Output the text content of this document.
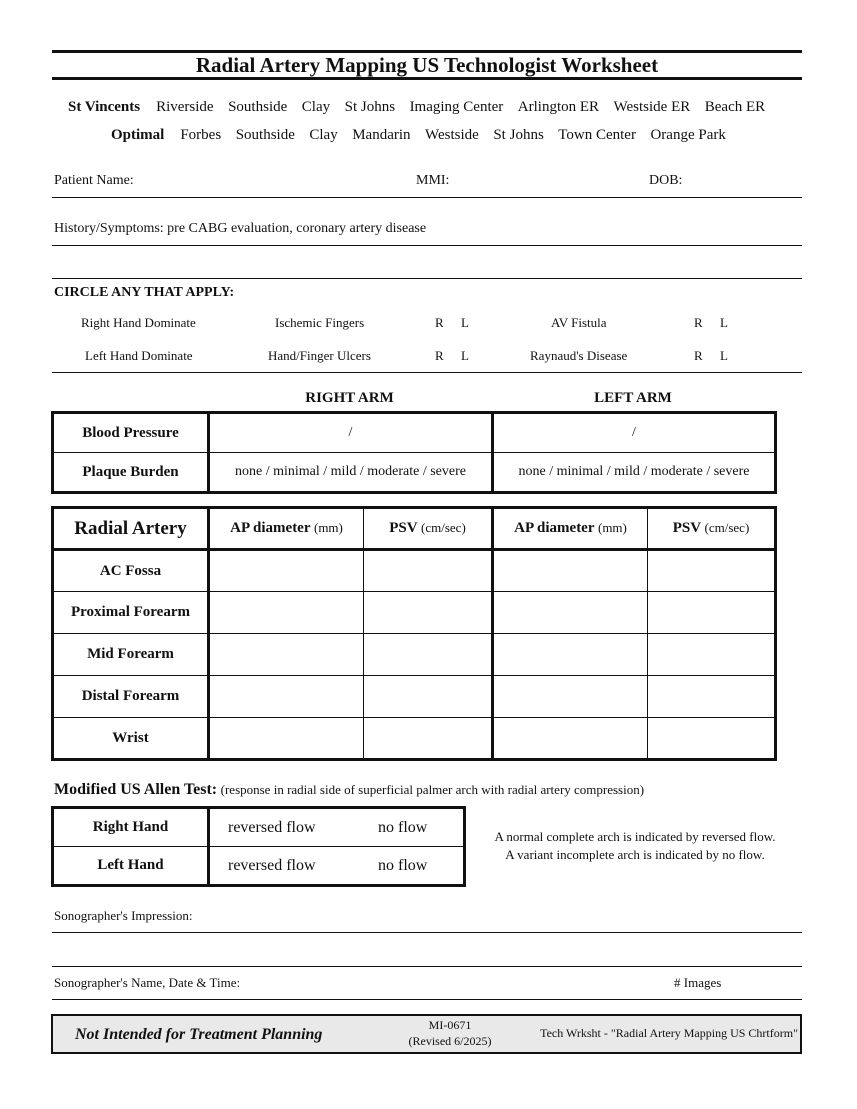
Radial Artery Mapping US Technologist Worksheet
St Vincents Riverside Southside Clay St Johns Imaging Center Arlington ER Westside ER Beach ER
Optimal Forbes Southside Clay Mandarin Westside St Johns Town Center Orange Park
Patient Name:	MMI:	DOB:
History/Symptoms: pre CABG evaluation, coronary artery disease
CIRCLE ANY THAT APPLY:
Right Hand Dominate	Ischemic Fingers	R L	AV Fistula	R L
Left Hand Dominate	Hand/Finger Ulcers	R L	Raynaud's Disease	R L
RIGHT ARM	LEFT ARM
Blood Pressure	/	/
Plaque Burden	none / minimal / mild / moderate / severe	none / minimal / mild / moderate / severe
Radial Artery	AP diameter (mm)	PSV (cm/sec)	AP diameter (mm)	PSV (cm/sec)
AC Fossa				
Proximal Forearm				
Mid Forearm				
Distal Forearm				
Wrist				
Modified US Allen Test: (response in radial side of superficial palmer arch with radial artery compression)
Right Hand	reversed flow no flow
Left Hand	reversed flow no flow
A normal complete arch is indicated by reversed flow.
A variant incomplete arch is indicated by no flow.
Sonographer's Impression:
Sonographer's Name, Date & Time:	# Images
Not Intended for Treatment Planning
MI-0671
(Revised 6/2025)
Tech Wrksht - "Radial Artery Mapping US Chrtform"
